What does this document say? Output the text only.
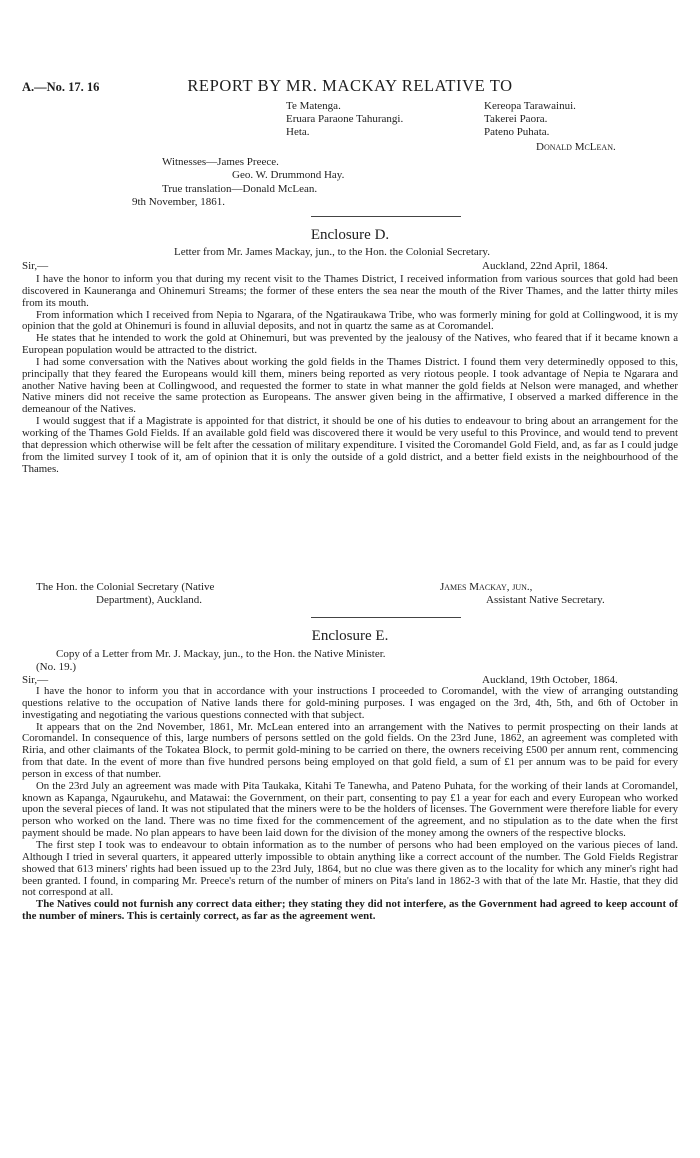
A.—No. 17. 16	REPORT BY MR. MACKAY RELATIVE TO
Te Matenga.
Eruara Paraone Tahurangi.
Heta.
Kereopa Tarawainui.
Takerei Paora.
Pateno Puhata.
Donald McLean.
Witnesses—James Preece.
Geo. W. Drummond Hay.
True translation—Donald McLean.
9th November, 1861.
Enclosure D.
Letter from Mr. James Mackay, jun., to the Hon. the Colonial Secretary.
Sir,—	Auckland, 22nd April, 1864.

I have the honor to inform you that during my recent visit to the Thames District, I received information from various sources that gold had been discovered in Kauneranga and Ohinemuri Streams; the former of these enters the sea near the mouth of the River Thames, and the latter thirty miles from its mouth.

From information which I received from Nepia to Ngarara, of the Ngatiraukawa Tribe, who was formerly mining for gold at Collingwood, it is my opinion that the gold at Ohinemuri is found in alluvial deposits, and not in quartz the same as at Coromandel.

He states that he intended to work the gold at Ohinemuri, but was prevented by the jealousy of the Natives, who feared that if it became known a European population would be attracted to the district.

I had some conversation with the Natives about working the gold fields in the Thames District. I found them very determinedly opposed to this, principally that they feared the Europeans would kill them, miners being reported as very riotous people. I took advantage of Nepia te Ngarara and another Native having been at Collingwood, and requested the former to state in what manner the gold fields at Nelson were managed, and whether Native miners did not receive the same protection as Europeans. The answer given being in the affirmative, I observed a marked difference in the demeanour of the Natives.

I would suggest that if a Magistrate is appointed for that district, it should be one of his duties to endeavour to bring about an arrangement for the working of the Thames Gold Fields. If an available gold field was discovered there it would be very useful to this Province, and would tend to prevent that depression which otherwise will be felt after the cessation of military expenditure. I visited the Coromandel Gold Field, and, as far as I could judge from the limited survey I took of it, am of opinion that it is only the outside of a gold district, and a better field exists in the neighbourhood of the Thames.

The Hon. the Colonial Secretary (Native
Department), Auckland.
James Mackay, jun.,
Assistant Native Secretary.
Enclosure E.
Copy of a Letter from Mr. J. Mackay, jun., to the Hon. the Native Minister.
(No. 19.)
Sir,—	Auckland, 19th October, 1864.

I have the honor to inform you that in accordance with your instructions I proceeded to Coromandel, with the view of arranging outstanding questions relative to the occupation of Native lands there for gold-mining purposes. I was engaged on the 3rd, 4th, 5th, and 6th of October in investigating and negotiating the various questions connected with that subject.

It appears that on the 2nd November, 1861, Mr. McLean entered into an arrangement with the Natives to permit prospecting on their lands at Coromandel. In consequence of this, large numbers of persons settled on the gold fields. On the 23rd June, 1862, an agreement was completed with Riria, and other claimants of the Tokatea Block, to permit gold-mining to be carried on there, the owners receiving £500 per annum rent, commencing from that date. In the event of more than five hundred persons being employed on that gold field, a sum of £1 per annum was to be paid for every person in excess of that number.

On the 23rd July an agreement was made with Pita Taukaka, Kitahi Te Tanewha, and Pateno Puhata, for the working of their lands at Coromandel, known as Kapanga, Ngaurukehu, and Matawai: the Government, on their part, consenting to pay £1 a year for each and every European who worked upon the several pieces of land. It was not stipulated that the miners were to be the holders of licenses. The Government were therefore liable for every person who worked on the land. There was no time fixed for the commencement of the agreement, and no stipulation as to the date when the first payment should be made. No plan appears to have been laid down for the division of the money among the owners of the respective blocks.

The first step I took was to endeavour to obtain information as to the number of persons who had been employed on the various pieces of land. Although I tried in several quarters, it appeared utterly impossible to obtain anything like a correct account of the number. The Gold Fields Registrar showed that 613 miners' rights had been issued up to the 23rd July, 1864, but no clue was there given as to the locality for which any miner's right had been granted. I found, in comparing Mr. Preece's return of the number of miners on Pita's land in 1862-3 with that of the late Mr. Hastie, that they did not correspond at all.

The Natives could not furnish any correct data either; they stating they did not interfere, as the Government had agreed to keep account of the number of miners. This is certainly correct, as far as the agreement went.
